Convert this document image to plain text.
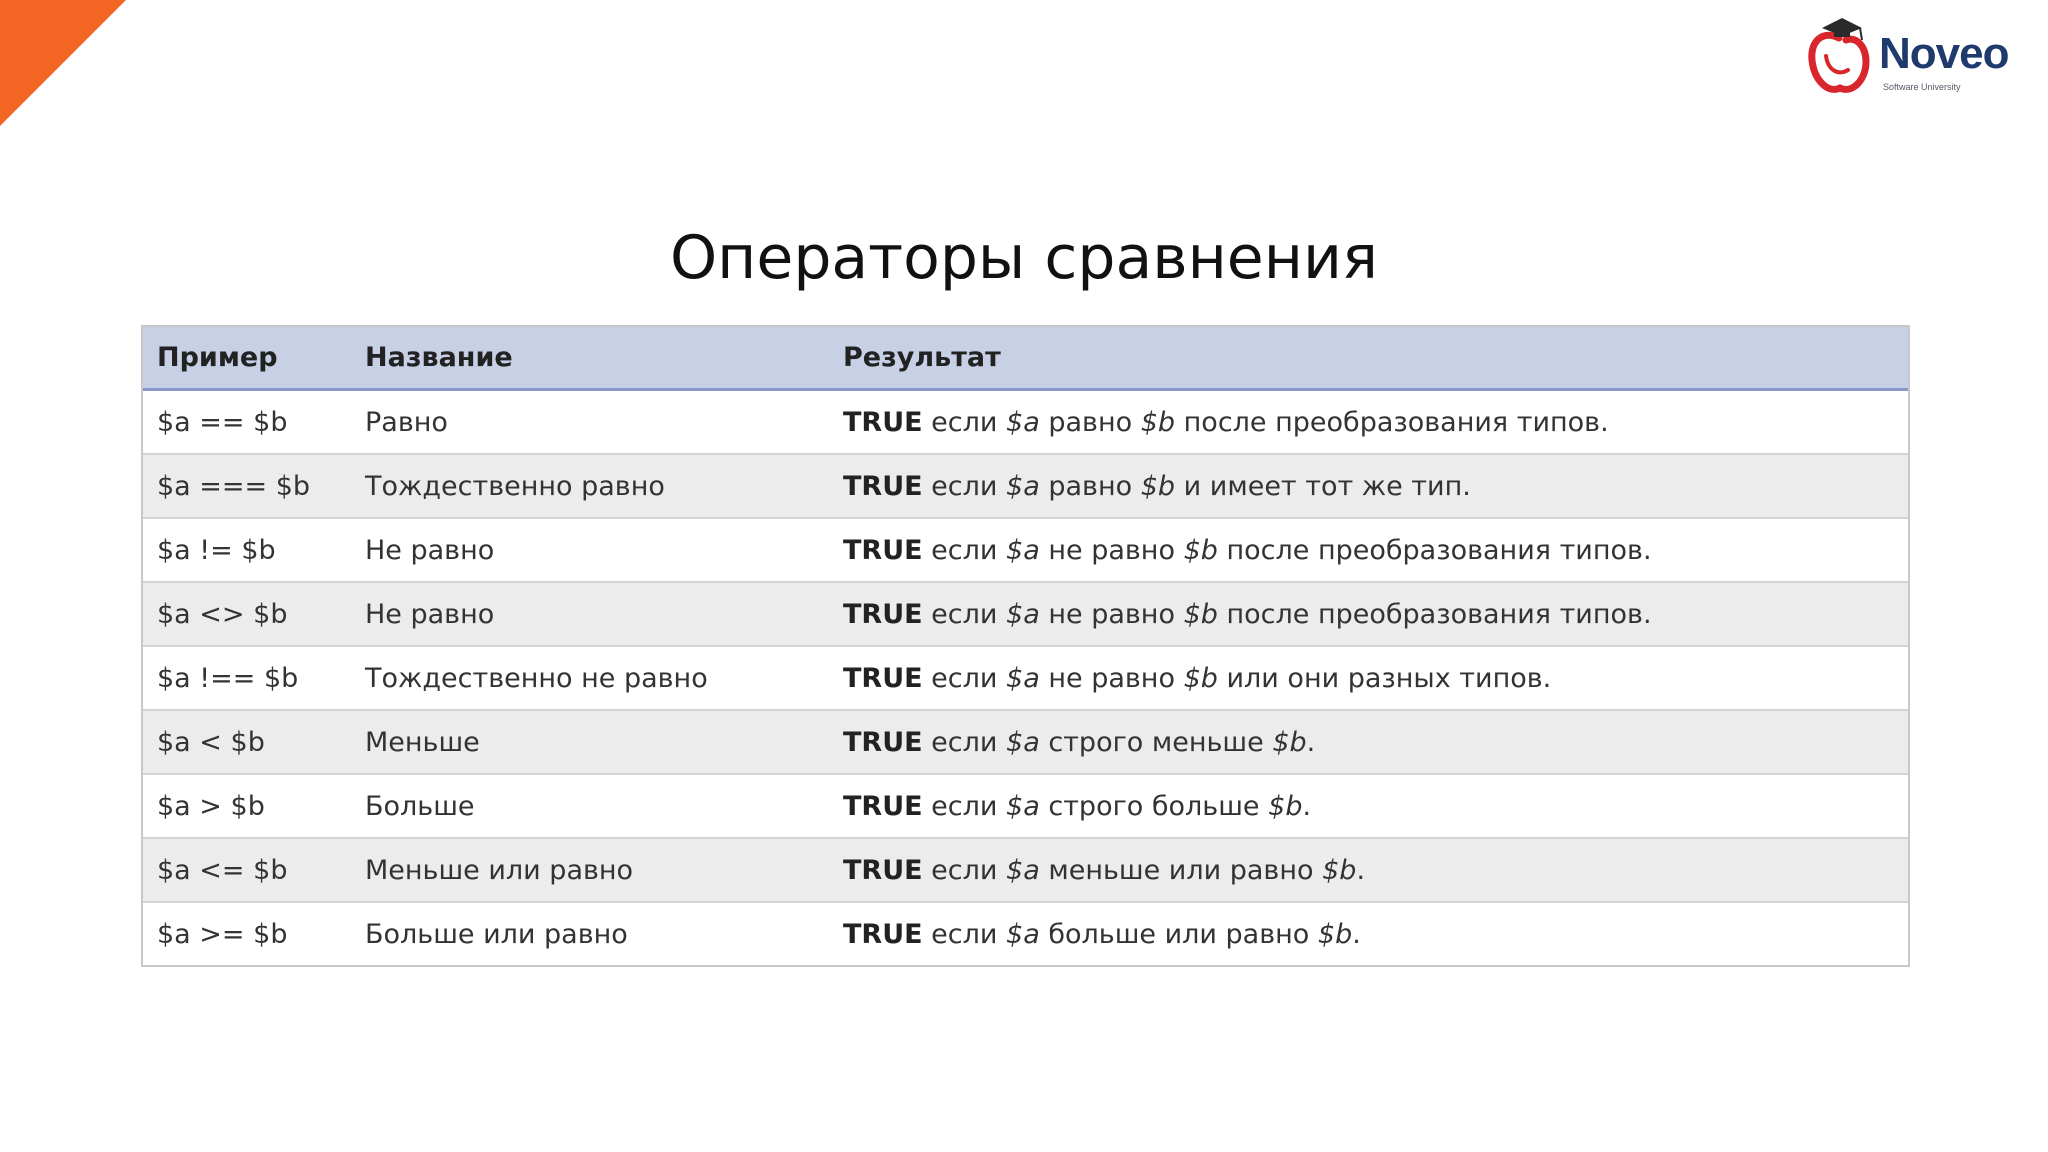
Noveo
Software University
Операторы сравнения
Пример	Название	Результат
$a == $b	Равно	TRUE если $a равно $b после преобразования типов.
$a === $b	Тождественно равно	TRUE если $a равно $b и имеет тот же тип.
$a != $b	Не равно	TRUE если $a не равно $b после преобразования типов.
$a <> $b	Не равно	TRUE если $a не равно $b после преобразования типов.
$a !== $b	Тождественно не равно	TRUE если $a не равно $b или они разных типов.
$a < $b	Меньше	TRUE если $a строго меньше $b.
$a > $b	Больше	TRUE если $a строго больше $b.
$a <= $b	Меньше или равно	TRUE если $a меньше или равно $b.
$a >= $b	Больше или равно	TRUE если $a больше или равно $b.
